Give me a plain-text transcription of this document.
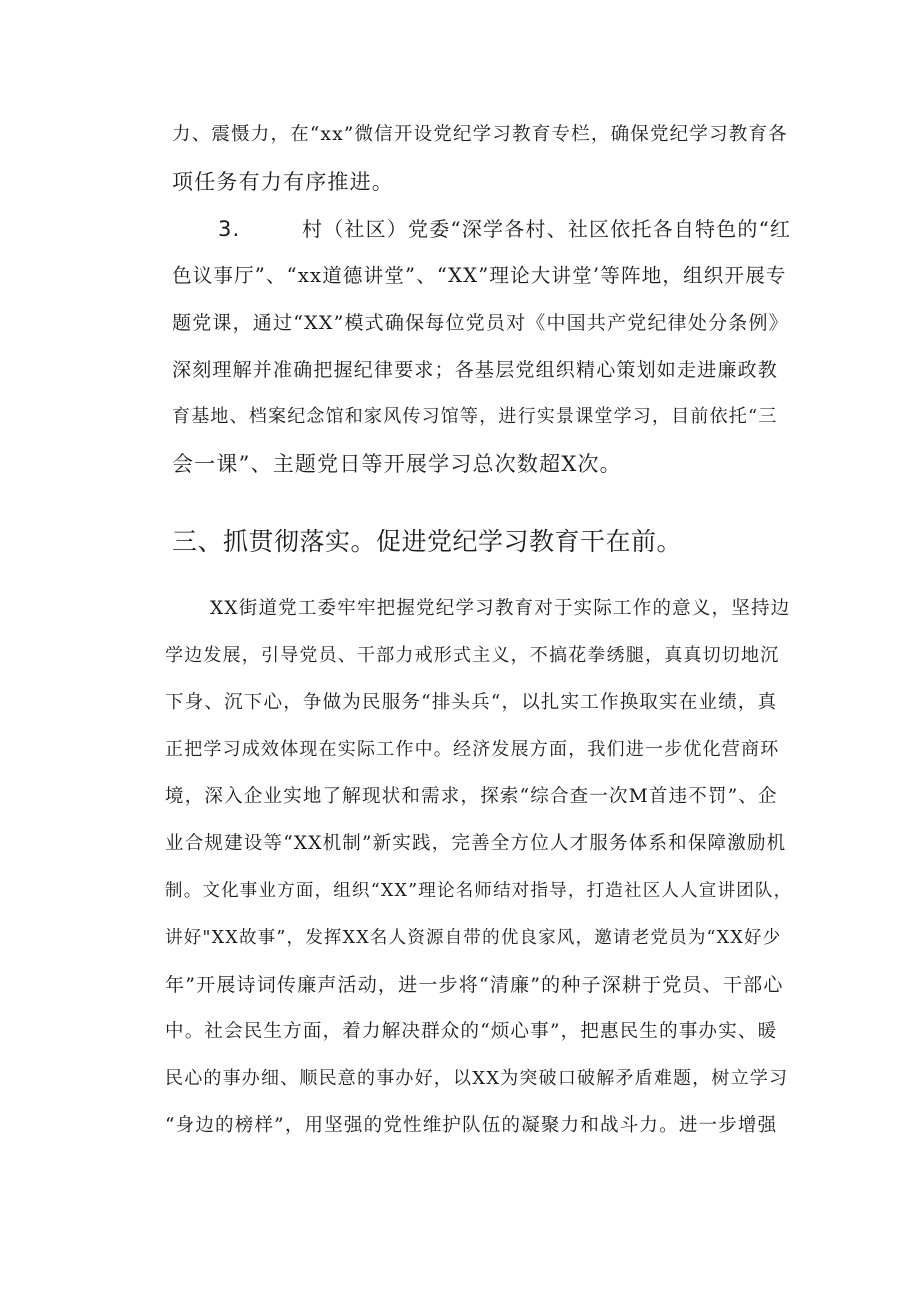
力、震慑力，在“xx”微信开设党纪学习教育专栏，确保党纪学习教育各
项任务有力有序推进。
3.	村（社区）党委“深学各村、社区依托各自特色的“红
色议事厅”、“xx道德讲堂”、“XX”理论大讲堂’等阵地，组织开展专
题党课，通过“XX”模式确保每位党员对《中国共产党纪律处分条例》
深刻理解并准确把握纪律要求；各基层党组织精心策划如走进廉政教
育基地、档案纪念馆和家风传习馆等，进行实景课堂学习，目前依托“三
会一课”、主题党日等开展学习总次数超X次。
三、抓贯彻落实。促进党纪学习教育干在前。
XX街道党工委牢牢把握党纪学习教育对于实际工作的意义，坚持边
学边发展，引导党员、干部力戒形式主义，不搞花拳绣腿，真真切切地沉
下身、沉下心，争做为民服务“排头兵“，以扎实工作换取实在业绩，真
正把学习成效体现在实际工作中。经济发展方面，我们进一步优化营商环
境，深入企业实地了解现状和需求，探索“综合查一次M首违不罚”、企
业合规建设等“XX机制”新实践，完善全方位人才服务体系和保障激励机
制。文化事业方面，组织“XX”理论名师结对指导，打造社区人人宣讲团队，
讲好"XX故事”，发挥XX名人资源自带的优良家风，邀请老党员为“XX好少
年”开展诗词传廉声活动，进一步将“清廉”的种子深耕于党员、干部心
中。社会民生方面，着力解决群众的“烦心事”，把惠民生的事办实、暖
民心的事办细、顺民意的事办好，以XX为突破口破解矛盾难题，树立学习
“身边的榜样”，用坚强的党性维护队伍的凝聚力和战斗力。进一步增强
